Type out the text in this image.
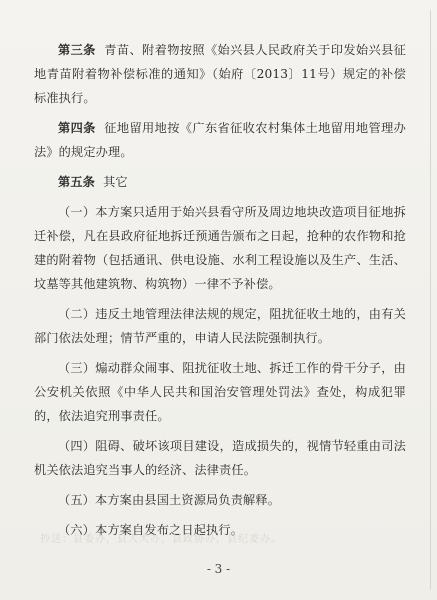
第三条 青苗、附着物按照《始兴县人民政府关于印发始兴县征地青苗附着物补偿标准的通知》（始府〔2013〕11号）规定的补偿标准执行。

第四条 征地留用地按《广东省征收农村集体土地留用地管理办法》的规定办理。

第五条 其它

（一）本方案只适用于始兴县看守所及周边地块改造项目征地拆迁补偿，凡在县政府征地拆迁预通告颁布之日起，抢种的农作物和抢建的附着物（包括通讯、供电设施、水利工程设施以及生产、生活、坟墓等其他建筑物、构筑物）一律不予补偿。

（二）违反土地管理法律法规的规定，阻扰征收土地的，由有关部门依法处理；情节严重的，申请人民法院强制执行。

（三）煽动群众闹事、阻扰征收土地、拆迁工作的骨干分子，由公安机关依照《中华人民共和国治安管理处罚法》查处，构成犯罪的，依法追究刑事责任。

（四）阻碍、破坏该项目建设，造成损失的，视情节轻重由司法机关依法追究当事人的经济、法律责任。

（五）本方案由县国土资源局负责解释。

（六）本方案自发布之日起执行。

抄送：县委办，县人大办，县政协办，县纪委办。
- 3 -
